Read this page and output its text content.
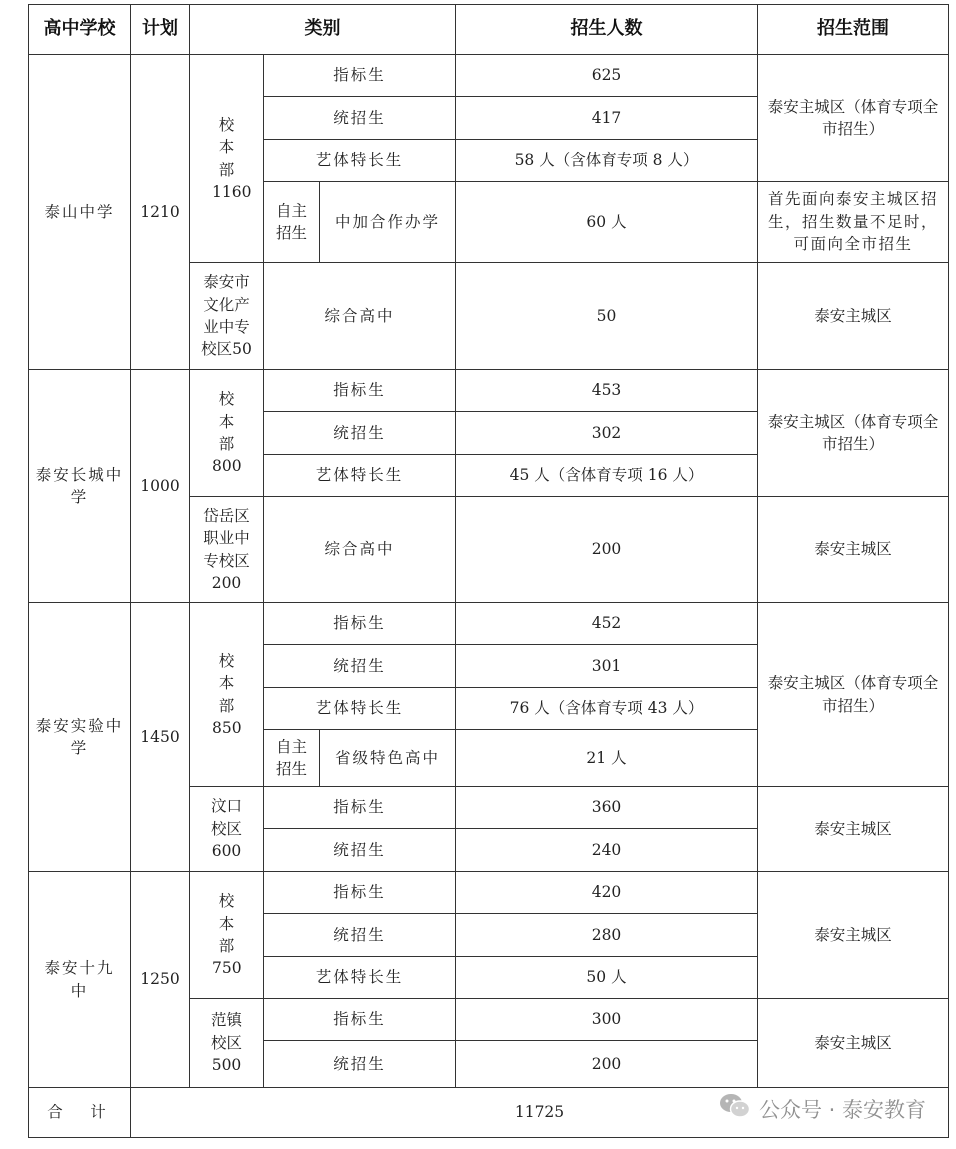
高中学校	计划	类别			招生人数	招生范围
泰山中学	1210	校本部1160	指标生		625	泰安主城区（体育专项全市招生）
			统招生		417	
			艺体特长生		58 人（含体育专项 8 人）	
			自主招生	中加合作办学	60 人	首先面向泰安主城区招生，招生数量不足时，可面向全市招生
		泰安市文化产业中专校区50	综合高中		50	泰安主城区

泰安长城中学	1000	校本部800	指标生		453	泰安主城区（体育专项全市招生）
			统招生		302	
			艺体特长生		45 人（含体育专项 16 人）	
		岱岳区职业中专校区200	综合高中		200	泰安主城区

泰安实验中学	1450	校本部850	指标生		452	泰安主城区（体育专项全市招生）
			统招生		301	
			艺体特长生		76 人（含体育专项 43 人）	
			自主招生	省级特色高中	21 人	
		汶口校区600	指标生		360	泰安主城区
			统招生		240	
泰安十九中	1250	校本部750	指标生		420	泰安主城区
			统招生		280	
			艺体特长生		50 人	
		范镇校区500	指标生		300	泰安主城区
			统招生		200	
合　计	11725						公众号 · 泰安教育
